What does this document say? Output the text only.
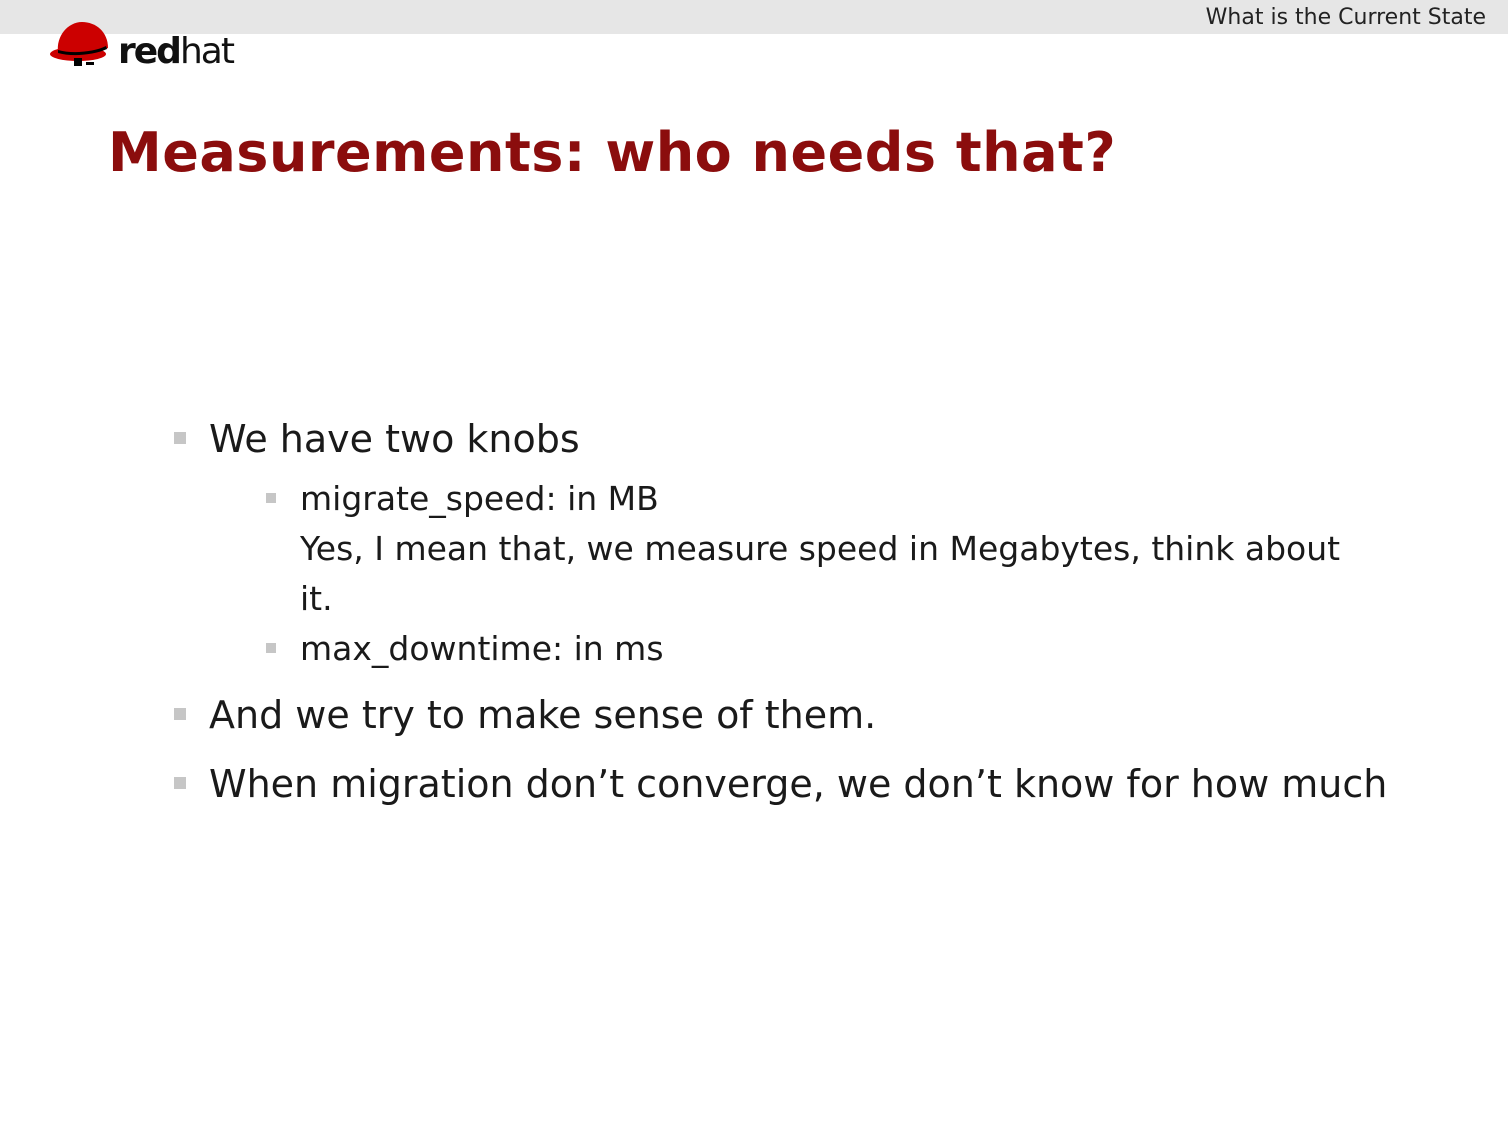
What is the Current State
redhat
Measurements: who needs that?
We have two knobs
migrate_speed: in MB
Yes, I mean that, we measure speed in Megabytes, think about
it.
max_downtime: in ms
And we try to make sense of them.
When migration don’t converge, we don’t know for how much
